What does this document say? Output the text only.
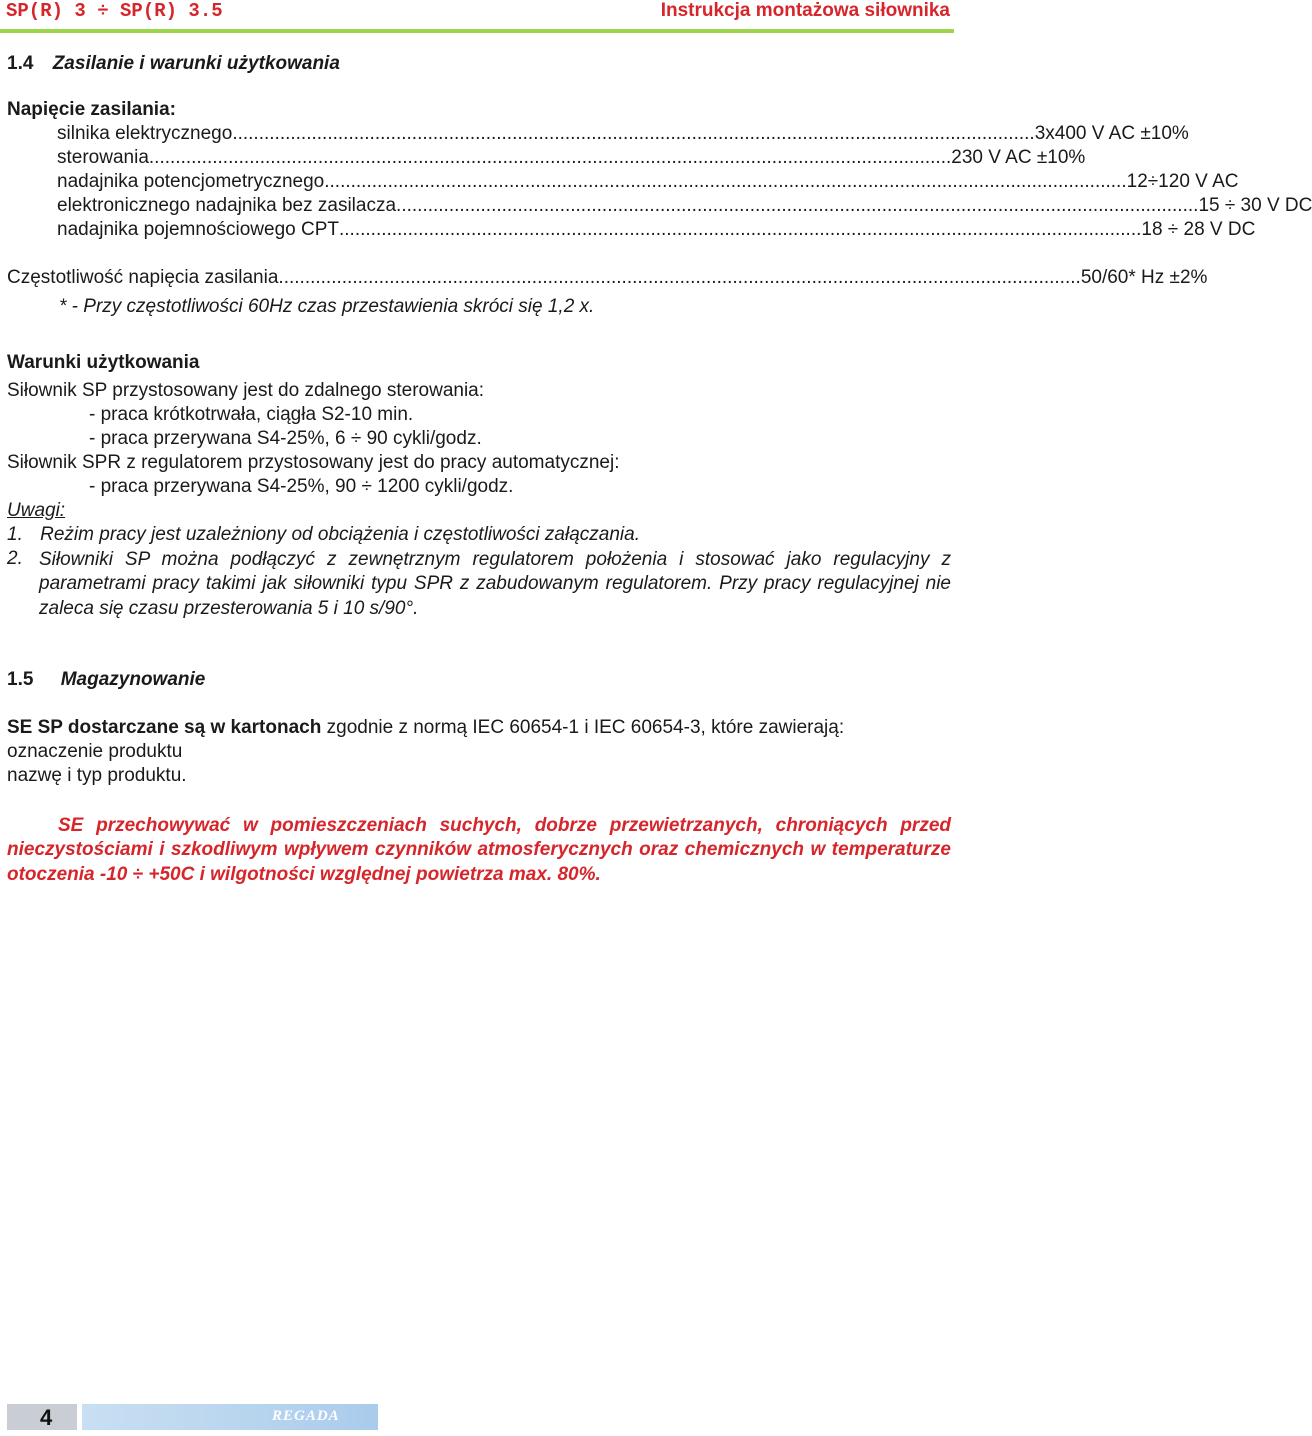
SP(R) 3 ÷ SP(R) 3.5	Instrukcja montażowa siłownika
1.4 Zasilanie i warunki użytkowania
Napięcie zasilania:
silnika elektrycznego ........................................................................................................................................................ 3x400 V AC ±10%
sterowania ........................................................................................................................................................ 230 V AC ±10%
nadajnika potencjometrycznego ........................................................................................................................................................ 12÷120 V AC
elektronicznego nadajnika bez zasilacza ........................................................................................................................................................ 15 ÷ 30 V DC
nadajnika pojemnościowego CPT ........................................................................................................................................................ 18 ÷ 28 V DC
Częstotliwość napięcia zasilania ........................................................................................................................................................ 50/60* Hz ±2%
* - Przy częstotliwości 60Hz czas przestawienia skróci się 1,2 x.
Warunki użytkowania
Siłownik SP przystosowany jest do zdalnego sterowania:
- praca krótkotrwała, ciągła S2-10 min.
- praca przerywana S4-25%, 6 ÷ 90 cykli/godz.
Siłownik SPR z regulatorem przystosowany jest do pracy automatycznej:
- praca przerywana S4-25%, 90 ÷ 1200 cykli/godz.
Uwagi:
1. Reżim pracy jest uzależniony od obciążenia i częstotliwości załączania.
2. Siłowniki SP można podłączyć z zewnętrznym regulatorem położenia i stosować jako regulacyjny z parametrami pracy takimi jak siłowniki typu SPR z zabudowanym regulatorem. Przy pracy regulacyjnej nie zaleca się czasu przesterowania 5 i 10 s/90°.
1.5 Magazynowanie
SE SP dostarczane są w kartonach zgodnie z normą IEC 60654-1 i IEC 60654-3, które zawierają:
oznaczenie produktu
nazwę i typ produktu.
SE przechowywać w pomieszczeniach suchych, dobrze przewietrzanych, chroniących przed nieczystościami i szkodliwym wpływem czynników atmosferycznych oraz chemicznych w temperaturze otoczenia -10 ÷ +50C i wilgotności względnej powietrza max. 80%.
4	REGADA
